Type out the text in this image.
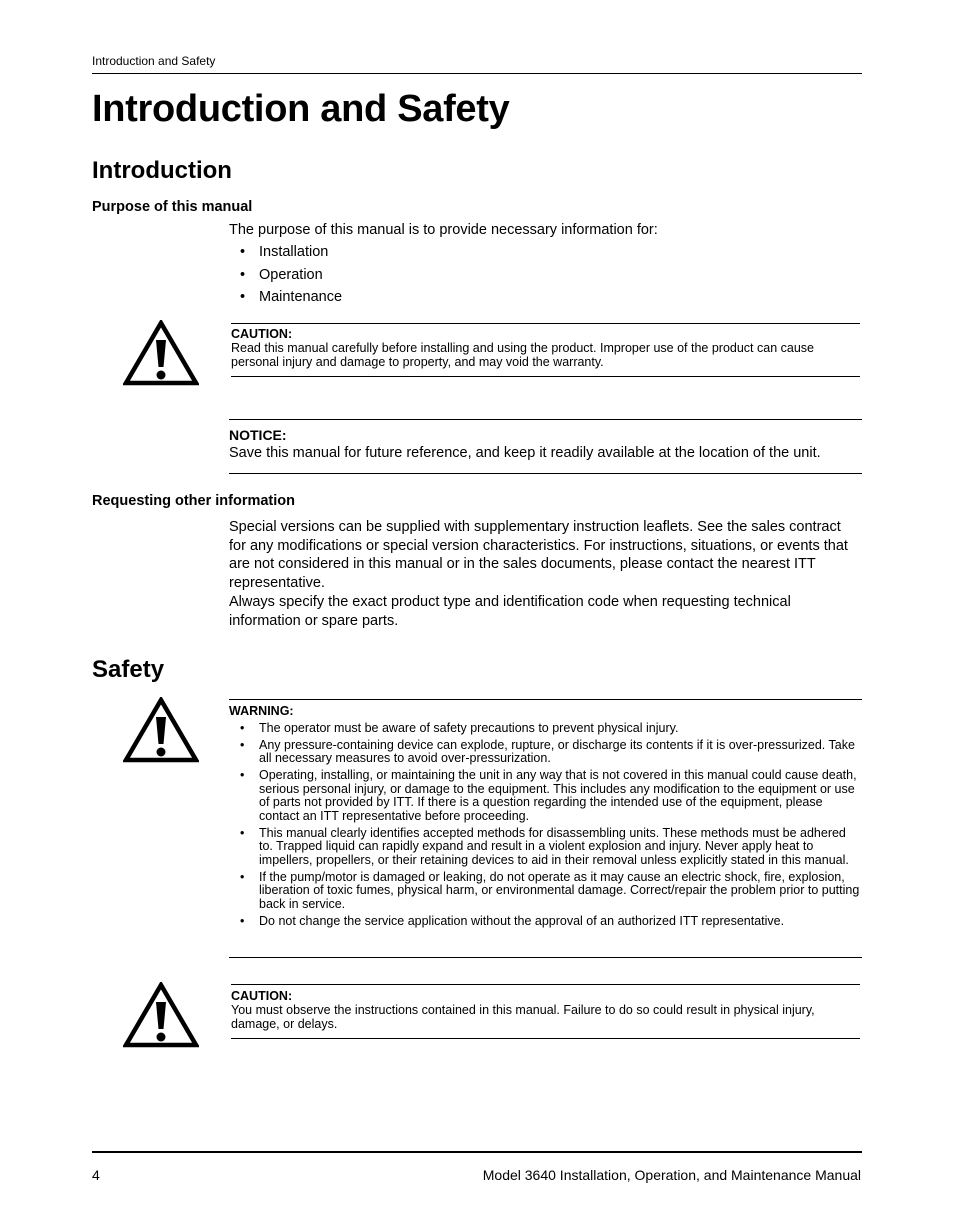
Introduction and Safety
Introduction and Safety
Introduction
Purpose of this manual

The purpose of this manual is to provide necessary information for:

• Installation
• Operation
• Maintenance

CAUTION:

Read this manual carefully before installing and using the product. Improper use of the product can cause personal injury and damage to property, and may void the warranty.

NOTICE:

Save this manual for future reference, and keep it readily available at the location of the unit.

Requesting other information

Special versions can be supplied with supplementary instruction leaflets. See the sales contract for any modifications or special version characteristics. For instructions, situations, or events that are not considered in this manual or in the sales documents, please contact the nearest ITT representative.

Always specify the exact product type and identification code when requesting technical information or spare parts.

Safety

WARNING:

• The operator must be aware of safety precautions to prevent physical injury.
• Any pressure-containing device can explode, rupture, or discharge its contents if it is over-pressurized. Take all necessary measures to avoid over-pressurization.
• Operating, installing, or maintaining the unit in any way that is not covered in this manual could cause death, serious personal injury, or damage to the equipment. This includes any modification to the equipment or use of parts not provided by ITT. If there is a question regarding the intended use of the equipment, please contact an ITT representative before proceeding.
• This manual clearly identifies accepted methods for disassembling units. These methods must be adhered to. Trapped liquid can rapidly expand and result in a violent explosion and injury. Never apply heat to impellers, propellers, or their retaining devices to aid in their removal unless explicitly stated in this manual.
• If the pump/motor is damaged or leaking, do not operate as it may cause an electric shock, fire, explosion, liberation of toxic fumes, physical harm, or environmental damage. Correct/repair the problem prior to putting back in service.
• Do not change the service application without the approval of an authorized ITT representative.

CAUTION:

You must observe the instructions contained in this manual. Failure to do so could result in physical injury, damage, or delays.

4	Model 3640 Installation, Operation, and Maintenance Manual
